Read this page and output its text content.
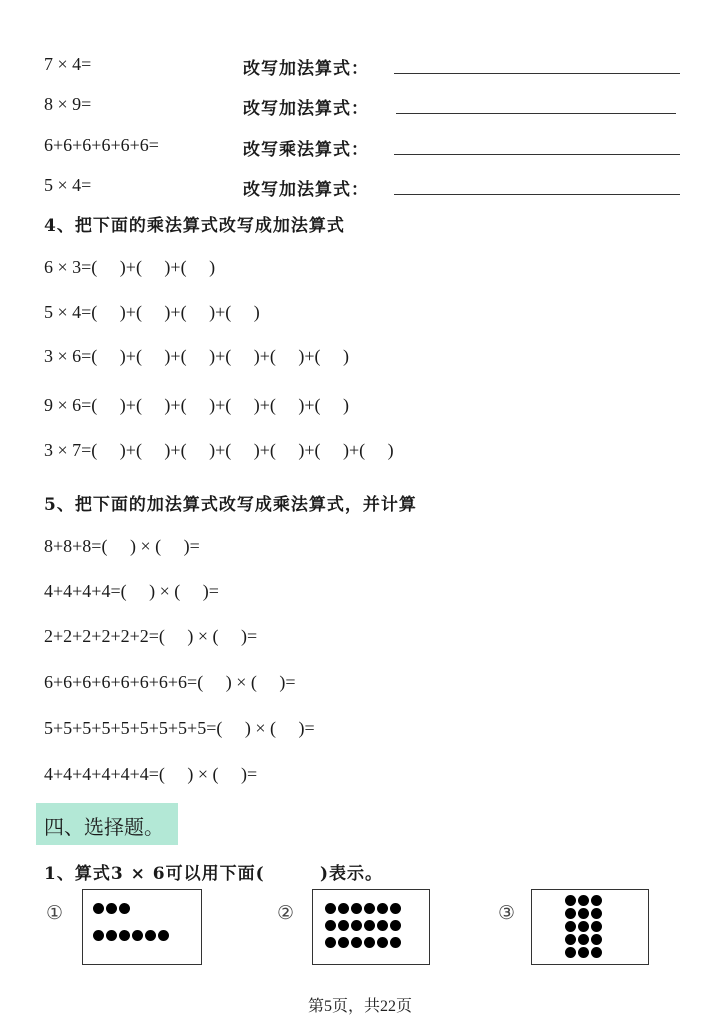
7 × 4=	改写加法算式：
8 × 9=	改写加法算式：
6+6+6+6+6+6=	改写乘法算式：
5 × 4=	改写加法算式：
4、把下面的乘法算式改写成加法算式
6 × 3=(     )+(     )+(     )
5 × 4=(     )+(     )+(     )+(     )
3 × 6=(     )+(     )+(     )+(     )+(     )+(     )
9 × 6=(     )+(     )+(     )+(     )+(     )+(     )
3 × 7=(     )+(     )+(     )+(     )+(     )+(     )+(     )
5、把下面的加法算式改写成乘法算式，并计算
8+8+8=(     ) × (     )=
4+4+4+4=(     ) × (     )=
2+2+2+2+2+2=(     ) × (     )=
6+6+6+6+6+6+6+6=(     ) × (     )=
5+5+5+5+5+5+5+5+5=(     ) × (     )=
4+4+4+4+4+4=(     ) × (     )=
四、选择题。
1、算式3 × 6可以用下面(        )表示。
①	②	③
第5页，共22页
